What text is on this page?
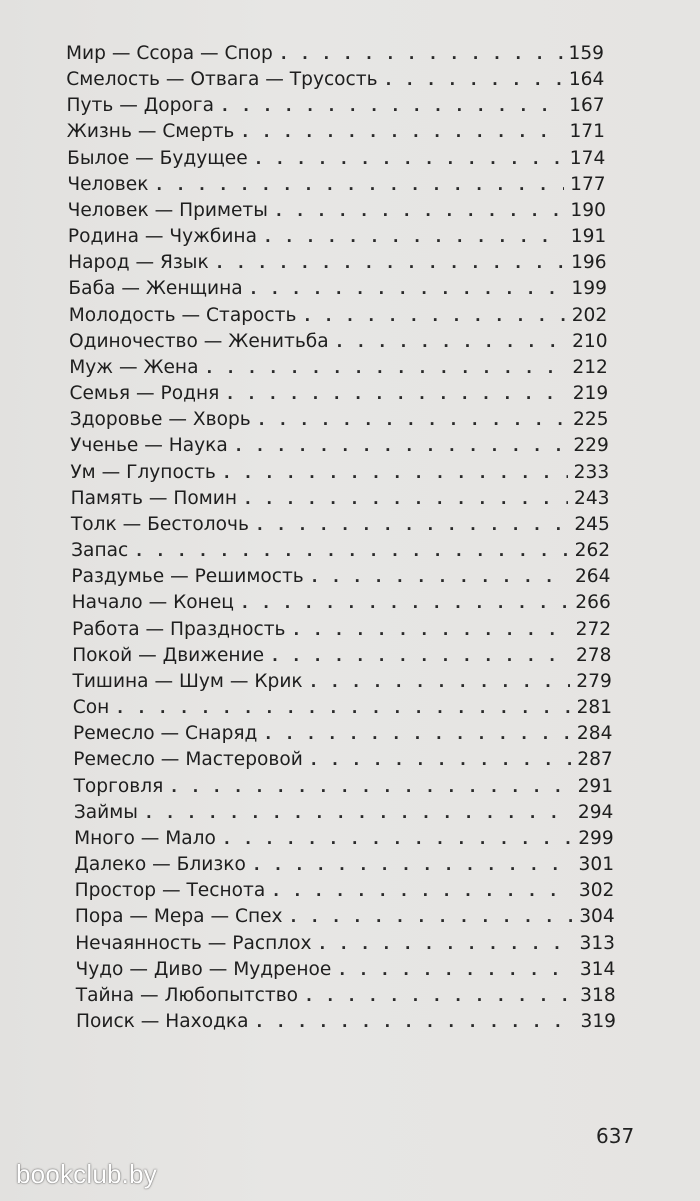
Мир — Ссора — Спор . . .	159
Смелость — Отвага — Трусость . . .	164
Путь — Дорога . . .	167
Жизнь — Смерть . . .	171
Былое — Будущее . . .	174
Человек . . .	177
Человек — Приметы . . .	190
Родина — Чужбина . . .	191
Народ — Язык . . .	196
Баба — Женщина . . .	199
Молодость — Старость . . .	202
Одиночество — Женитьба . . .	210
Муж — Жена . . .	212
Семья — Родня . . .	219
Здоровье — Хворь . . .	225
Ученье — Наука . . .	229
Ум — Глупость . . .	233
Память — Помин . . .	243
Толк — Бестолочь . . .	245
Запас . . .	262
Раздумье — Решимость . . .	264
Начало — Конец . . .	266
Работа — Праздность . . .	272
Покой — Движение . . .	278
Тишина — Шум — Крик . . .	279
Сон . . .	281
Ремесло — Снаряд . . .	284
Ремесло — Мастеровой . . .	287
Торговля . . .	291
Займы . . .	294
Много — Мало . . .	299
Далеко — Близко . . .	301
Простор — Теснота . . .	302
Пора — Мера — Спех . . .	304
Нечаянность — Расплох . . .	313
Чудо — Диво — Мудреное . . .	314
Тайна — Любопытство . . .	318
Поиск — Находка . . .	319
637
bookclub.by
